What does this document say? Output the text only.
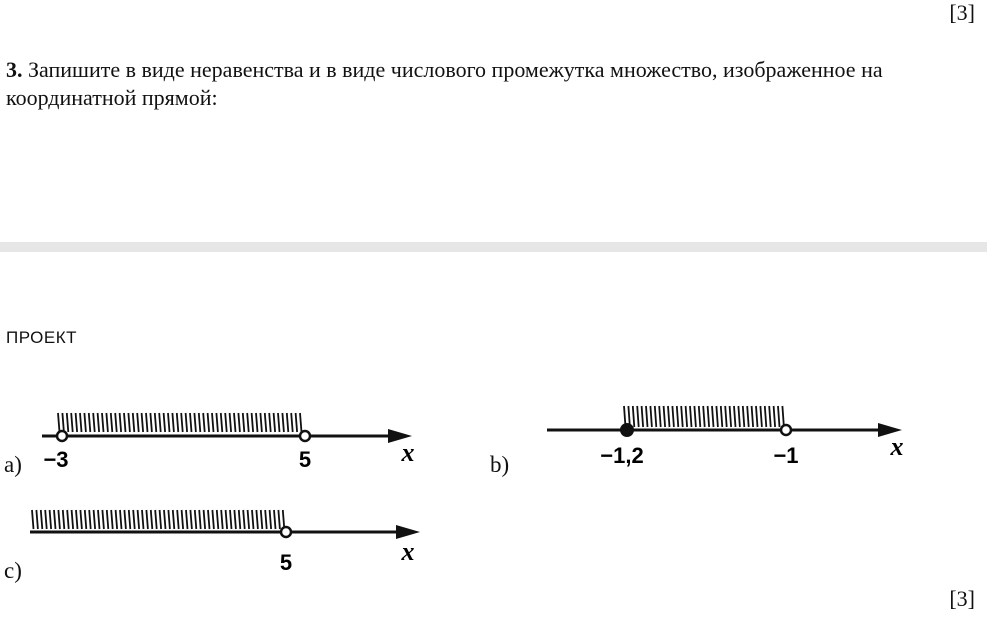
[3]
3. Запишите в виде неравенства и в виде числового промежутка множество, изображенное на координатной прямой:
ПРОЕКТ
a)	b)
c)
−3	5	x	−1,2	−1	x
5	x
[3]
